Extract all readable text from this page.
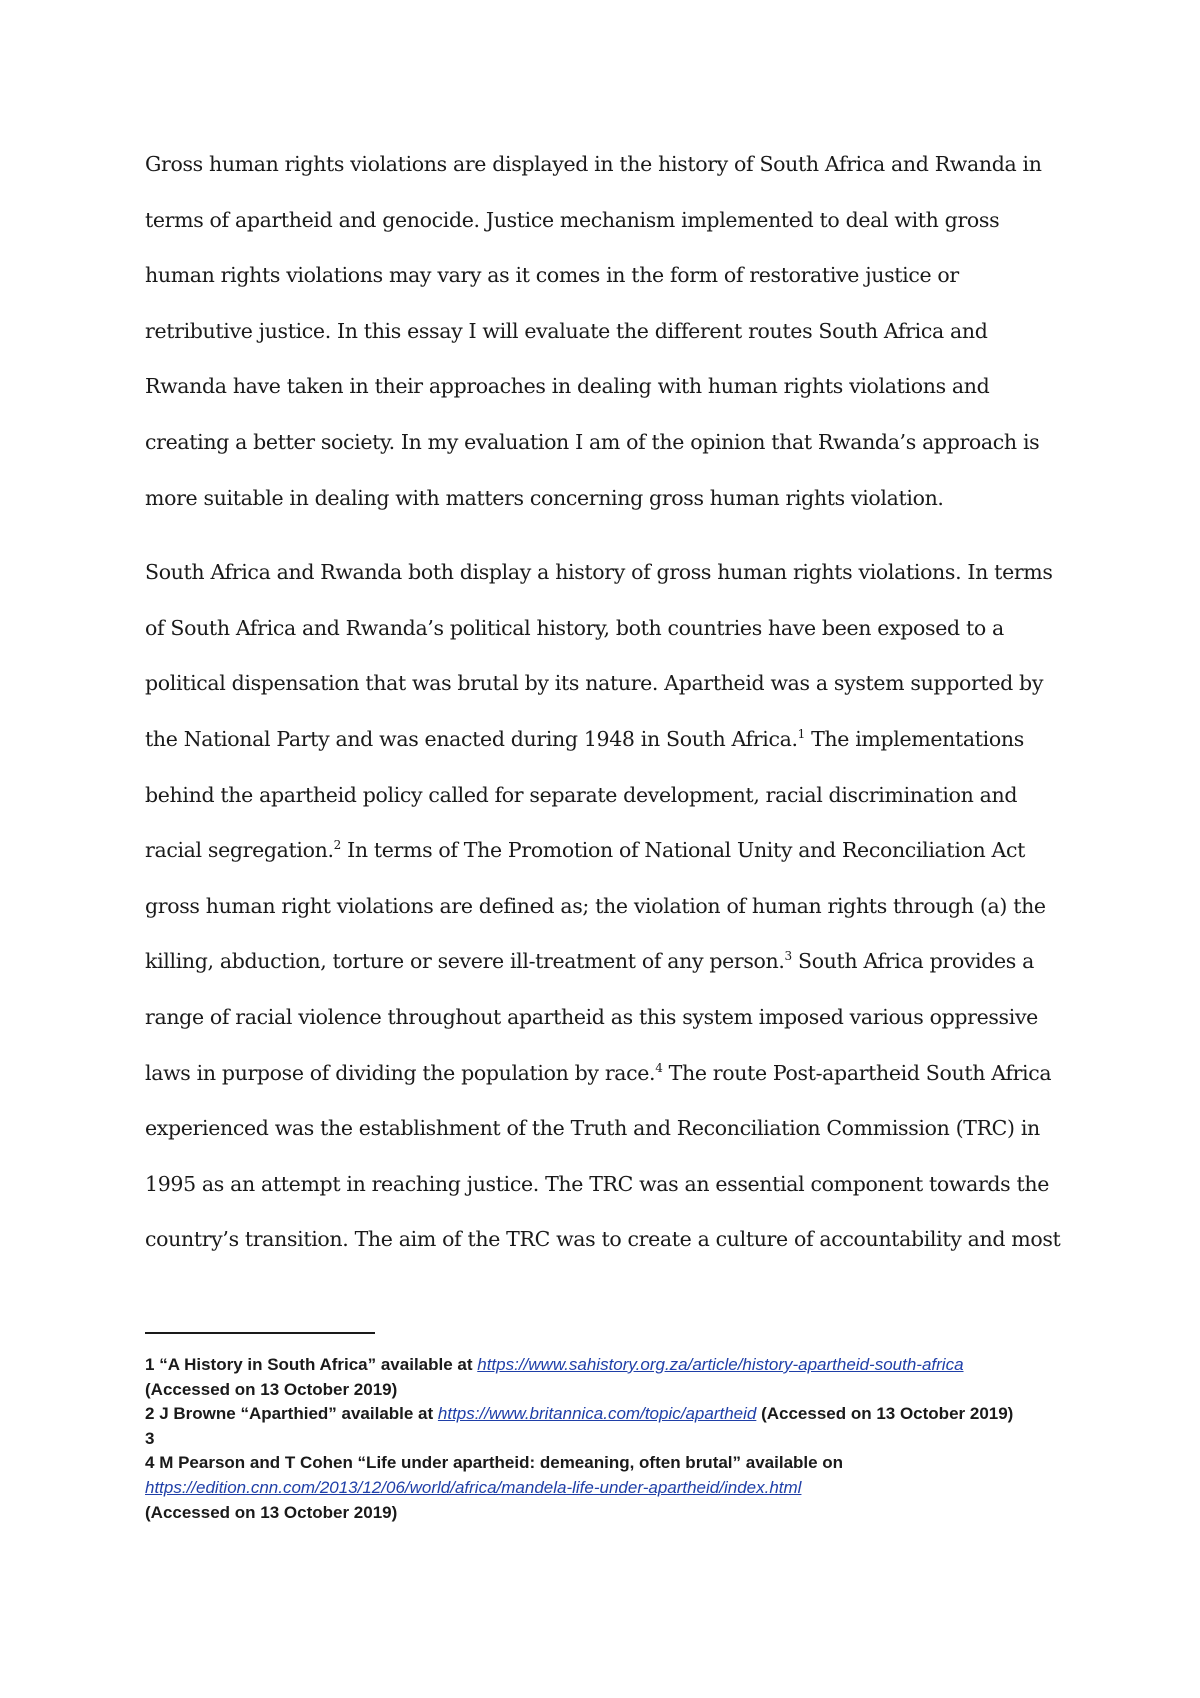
Gross human rights violations are displayed in the history of South Africa and Rwanda in terms of apartheid and genocide. Justice mechanism implemented to deal with gross human rights violations may vary as it comes in the form of restorative justice or retributive justice. In this essay I will evaluate the different routes South Africa and Rwanda have taken in their approaches in dealing with human rights violations and creating a better society. In my evaluation I am of the opinion that Rwanda’s approach is more suitable in dealing with matters concerning gross human rights violation.

South Africa and Rwanda both display a history of gross human rights violations. In terms of South Africa and Rwanda’s political history, both countries have been exposed to a political dispensation that was brutal by its nature. Apartheid was a system supported by the National Party and was enacted during 1948 in South Africa.$^1$ The implementations behind the apartheid policy called for separate development, racial discrimination and racial segregation.$^2$ In terms of The Promotion of National Unity and Reconciliation Act gross human right violations are defined as; the violation of human rights through (a) the killing, abduction, torture or severe ill-treatment of any person.$^3$ South Africa provides a range of racial violence throughout apartheid as this system imposed various oppressive laws in purpose of dividing the population by race.$^4$ The route Post-apartheid South Africa experienced was the establishment of the Truth and Reconciliation Commission (TRC) in 1995 as an attempt in reaching justice. The TRC was an essential component towards the country’s transition. The aim of the TRC was to create a culture of accountability and most

1 “A History in South Africa” available at https://www.sahistory.org.za/article/history-apartheid-south-africa
(Accessed on 13 October 2019)
2 J Browne “Aparthied” available at https://www.britannica.com/topic/apartheid (Accessed on 13 October 2019)
3
4 M Pearson and T Cohen “Life under apartheid: demeaning, often brutal” available on
https://edition.cnn.com/2013/12/06/world/africa/mandela-life-under-apartheid/index.html
(Accessed on 13 October 2019)
